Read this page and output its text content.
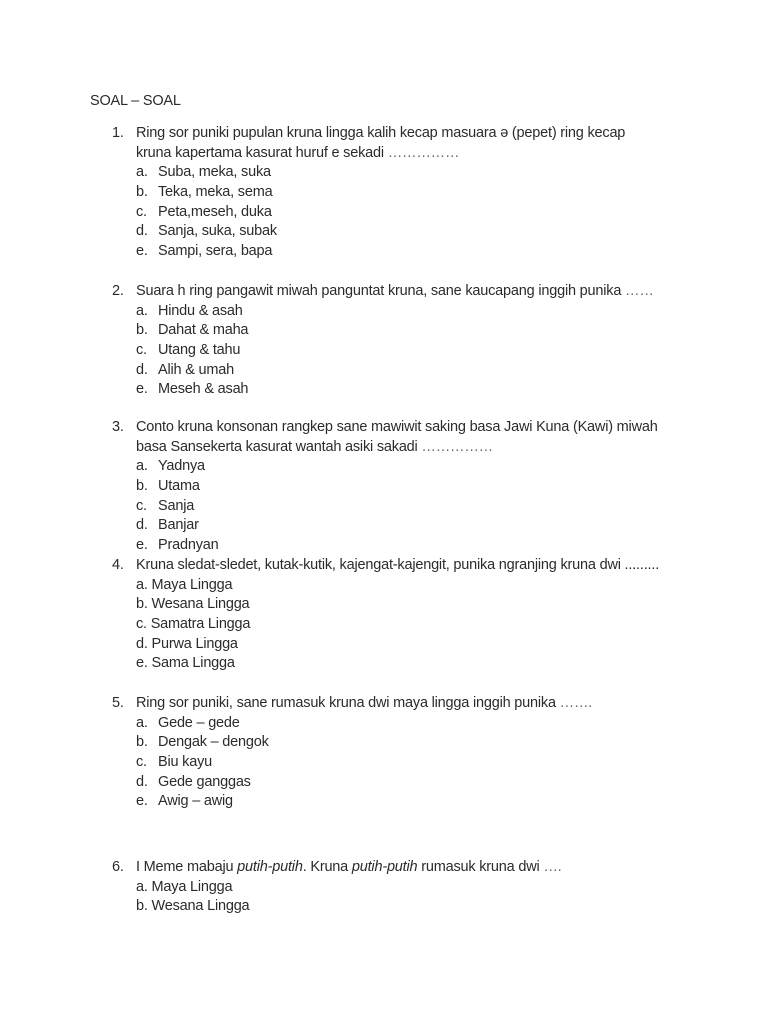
SOAL – SOAL
1. Ring sor puniki pupulan kruna lingga kalih kecap masuara ə (pepet) ring kecap
kruna kapertama kasurat huruf e sekadi ……………
a. Suba, meka, suka
b. Teka, meka, sema
c. Peta,meseh, duka
d. Sanja, suka, subak
e. Sampi, sera, bapa
2. Suara h ring pangawit miwah panguntat kruna, sane kaucapang inggih punika ……
a. Hindu & asah
b. Dahat & maha
c. Utang & tahu
d. Alih & umah
e. Meseh & asah
3. Conto kruna konsonan rangkep sane mawiwit saking basa Jawi Kuna (Kawi) miwah
basa Sansekerta kasurat wantah asiki sakadi ……………
a. Yadnya
b. Utama
c. Sanja
d. Banjar
e. Pradnyan
4. Kruna sledat-sledet, kutak-kutik, kajengat-kajengit, punika ngranjing kruna dwi .........
a. Maya Lingga
b. Wesana Lingga
c. Samatra Lingga
d. Purwa Lingga
e. Sama Lingga
5. Ring sor puniki, sane rumasuk kruna dwi maya lingga inggih punika …….
a. Gede – gede
b. Dengak – dengok
c. Biu kayu
d. Gede ganggas
e. Awig – awig
6. I Meme mabaju putih-putih. Kruna putih-putih rumasuk kruna dwi ….
a. Maya Lingga
b. Wesana Lingga
